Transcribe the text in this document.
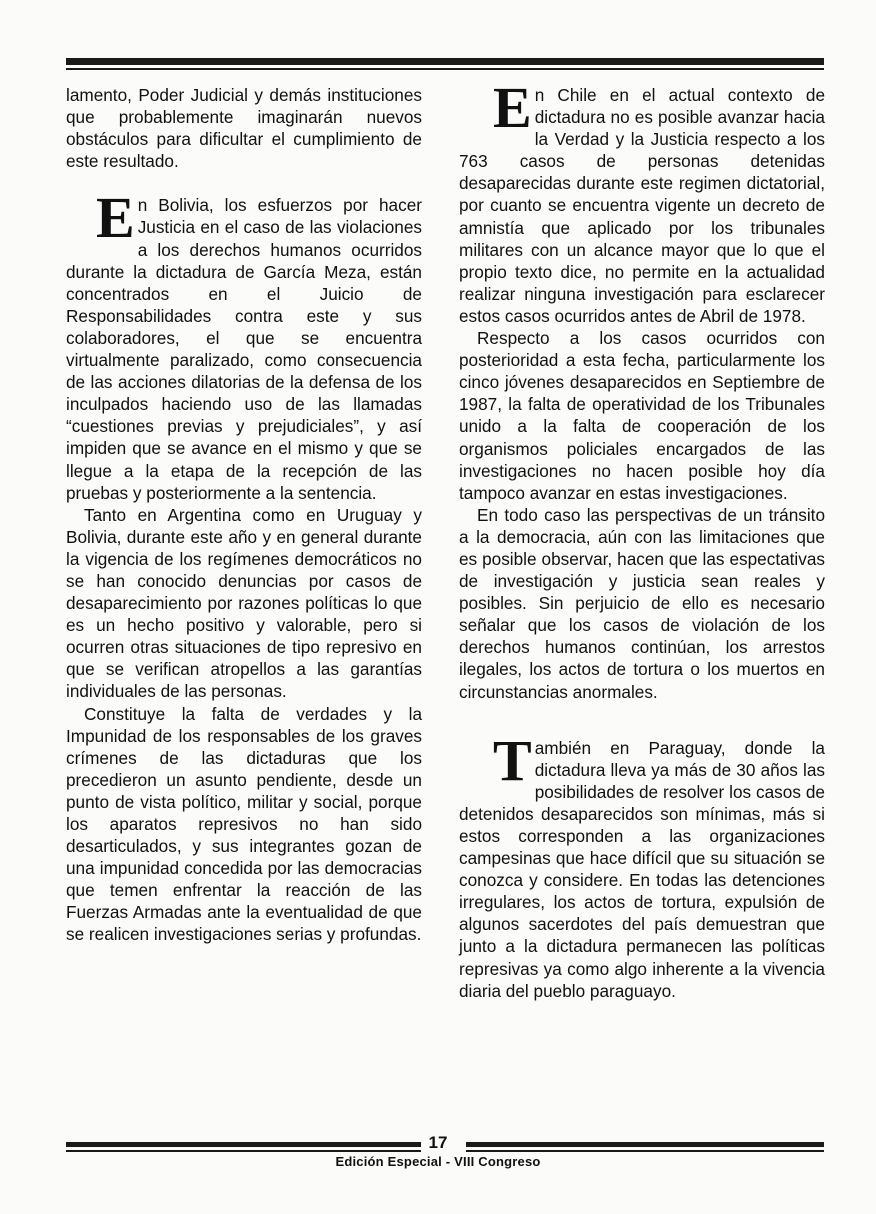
lamento, Poder Judicial y demás instituciones que probablemente imaginarán nuevos obstáculos para dificultar el cumplimiento de este resultado.

En Bolivia, los esfuerzos por hacer Justicia en el caso de las violaciones a los derechos humanos ocurridos durante la dictadura de García Meza, están concentrados en el Juicio de Responsabilidades contra este y sus colaboradores, el que se encuentra virtualmente paralizado, como consecuencia de las acciones dilatorias de la defensa de los inculpados haciendo uso de las llamadas “cuestiones previas y prejudiciales”, y así impiden que se avance en el mismo y que se llegue a la etapa de la recepción de las pruebas y posteriormente a la sentencia.

Tanto en Argentina como en Uruguay y Bolivia, durante este año y en general durante la vigencia de los regímenes democráticos no se han conocido denuncias por casos de desaparecimiento por razones políticas lo que es un hecho positivo y valorable, pero si ocurren otras situaciones de tipo represivo en que se verifican atropellos a las garantías individuales de las personas.

Constituye la falta de verdades y la Impunidad de los responsables de los graves crímenes de las dictaduras que los precedieron un asunto pendiente, desde un punto de vista político, militar y social, porque los aparatos represivos no han sido desarticulados, y sus integrantes gozan de una impunidad concedida por las democracias que temen enfrentar la reacción de las Fuerzas Armadas ante la eventualidad de que se realicen investigaciones serias y profundas.

En Chile en el actual contexto de dictadura no es posible avanzar hacia la Verdad y la Justicia respecto a los 763 casos de personas detenidas desaparecidas durante este regimen dictatorial, por cuanto se encuentra vigente un decreto de amnistía que aplicado por los tribunales militares con un alcance mayor que lo que el propio texto dice, no permite en la actualidad realizar ninguna investigación para esclarecer estos casos ocurridos antes de Abril de 1978.

Respecto a los casos ocurridos con posterioridad a esta fecha, particularmente los cinco jóvenes desaparecidos en Septiembre de 1987, la falta de operatividad de los Tribunales unido a la falta de cooperación de los organismos policiales encargados de las investigaciones no hacen posible hoy día tampoco avanzar en estas investigaciones.

En todo caso las perspectivas de un tránsito a la democracia, aún con las limitaciones que es posible observar, hacen que las espectativas de investigación y justicia sean reales y posibles. Sin perjuicio de ello es necesario señalar que los casos de violación de los derechos humanos continúan, los arrestos ilegales, los actos de tortura o los muertos en circunstancias anormales.

También en Paraguay, donde la dictadura lleva ya más de 30 años las posibilidades de resolver los casos de detenidos desaparecidos son mínimas, más si estos corresponden a las organizaciones campesinas que hace difícil que su situación se conozca y considere. En todas las detenciones irregulares, los actos de tortura, expulsión de algunos sacerdotes del país demuestran que junto a la dictadura permanecen las políticas represivas ya como algo inherente a la vivencia diaria del pueblo paraguayo.

17
Edición Especial - VIII Congreso
